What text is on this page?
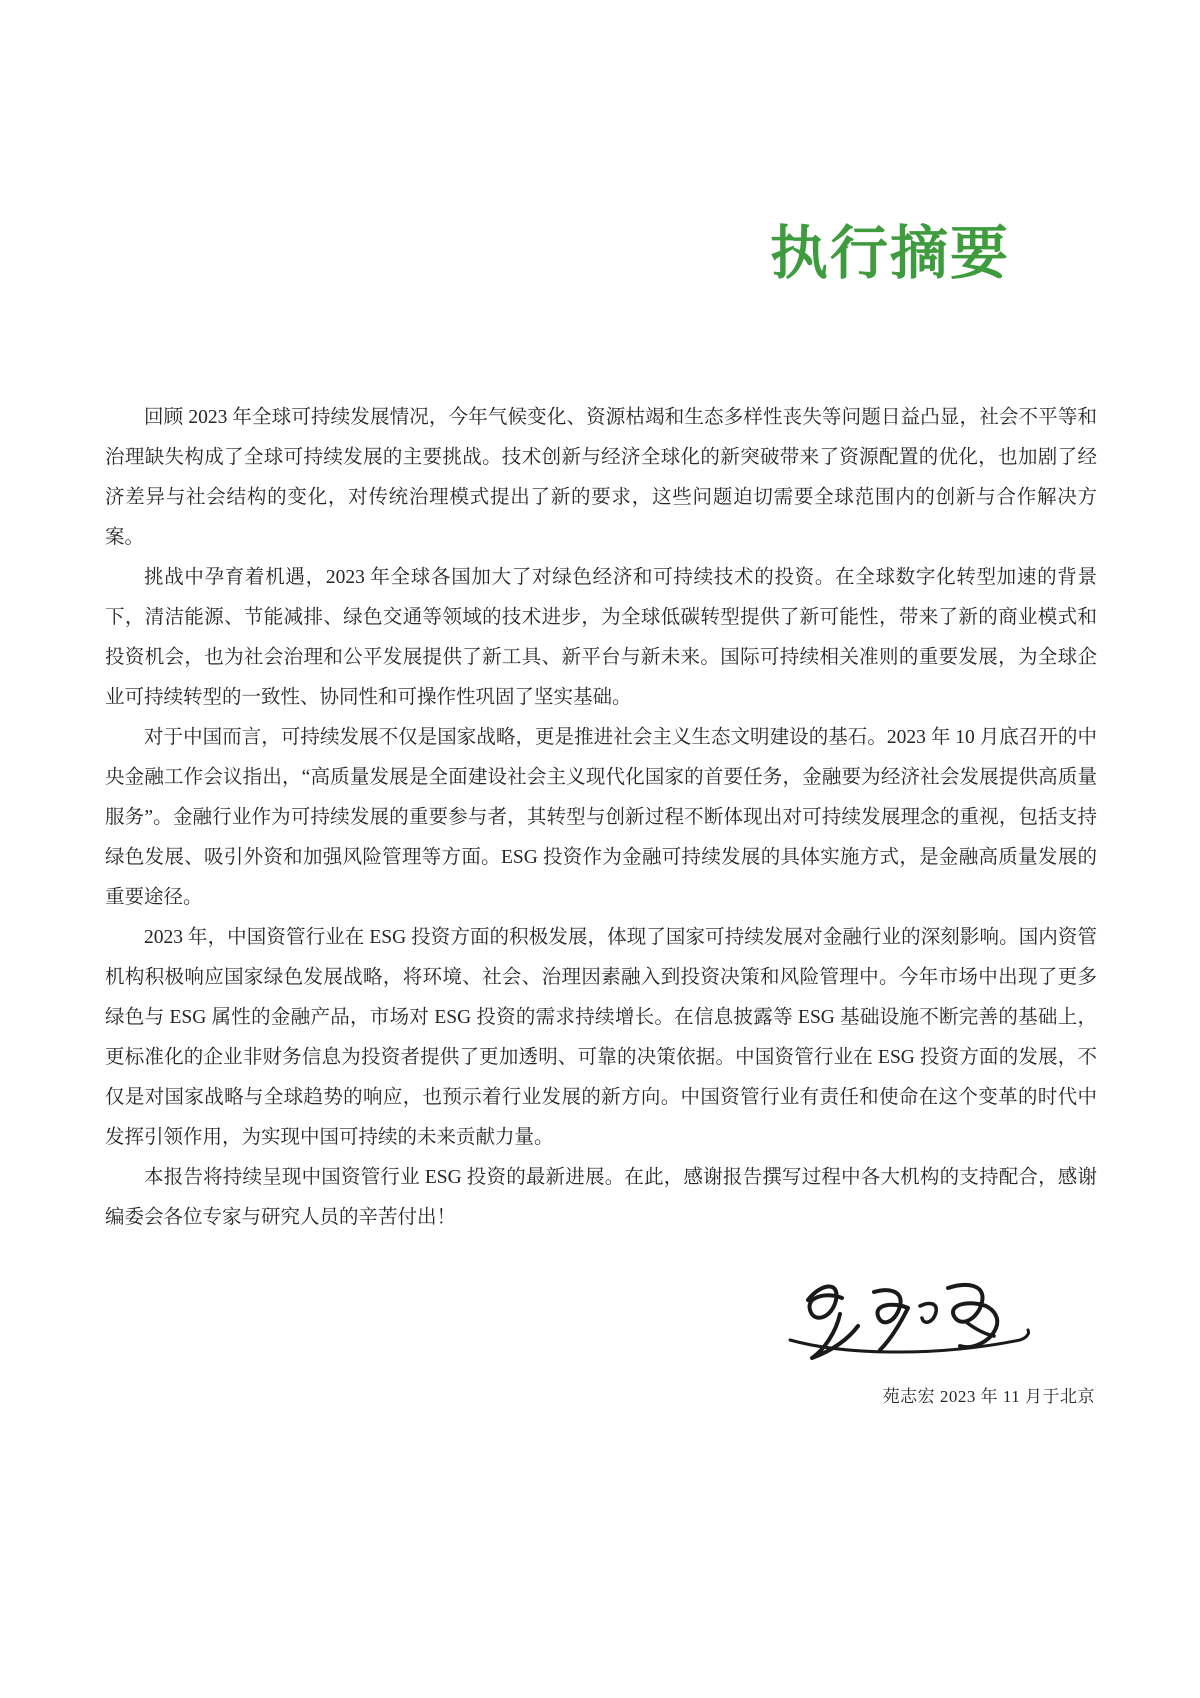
执行摘要

回顾 2023 年全球可持续发展情况，今年气候变化、资源枯竭和生态多样性丧失等问题日益凸显，社会不平等和治理缺失构成了全球可持续发展的主要挑战。技术创新与经济全球化的新突破带来了资源配置的优化，也加剧了经济差异与社会结构的变化，对传统治理模式提出了新的要求，这些问题迫切需要全球范围内的创新与合作解决方案。

挑战中孕育着机遇，2023 年全球各国加大了对绿色经济和可持续技术的投资。在全球数字化转型加速的背景下，清洁能源、节能减排、绿色交通等领域的技术进步，为全球低碳转型提供了新可能性，带来了新的商业模式和投资机会，也为社会治理和公平发展提供了新工具、新平台与新未来。国际可持续相关准则的重要发展，为全球企业可持续转型的一致性、协同性和可操作性巩固了坚实基础。

对于中国而言，可持续发展不仅是国家战略，更是推进社会主义生态文明建设的基石。2023 年 10 月底召开的中央金融工作会议指出，“高质量发展是全面建设社会主义现代化国家的首要任务，金融要为经济社会发展提供高质量服务”。金融行业作为可持续发展的重要参与者，其转型与创新过程不断体现出对可持续发展理念的重视，包括支持绿色发展、吸引外资和加强风险管理等方面。ESG 投资作为金融可持续发展的具体实施方式，是金融高质量发展的重要途径。

2023 年，中国资管行业在 ESG 投资方面的积极发展，体现了国家可持续发展对金融行业的深刻影响。国内资管机构积极响应国家绿色发展战略，将环境、社会、治理因素融入到投资决策和风险管理中。今年市场中出现了更多绿色与 ESG 属性的金融产品，市场对 ESG 投资的需求持续增长。在信息披露等 ESG 基础设施不断完善的基础上，更标准化的企业非财务信息为投资者提供了更加透明、可靠的决策依据。中国资管行业在 ESG 投资方面的发展，不仅是对国家战略与全球趋势的响应，也预示着行业发展的新方向。中国资管行业有责任和使命在这个变革的时代中发挥引领作用，为实现中国可持续的未来贡献力量。

本报告将持续呈现中国资管行业 ESG 投资的最新进展。在此，感谢报告撰写过程中各大机构的支持配合，感谢编委会各位专家与研究人员的辛苦付出！

苑志宏 2023 年 11 月于北京
